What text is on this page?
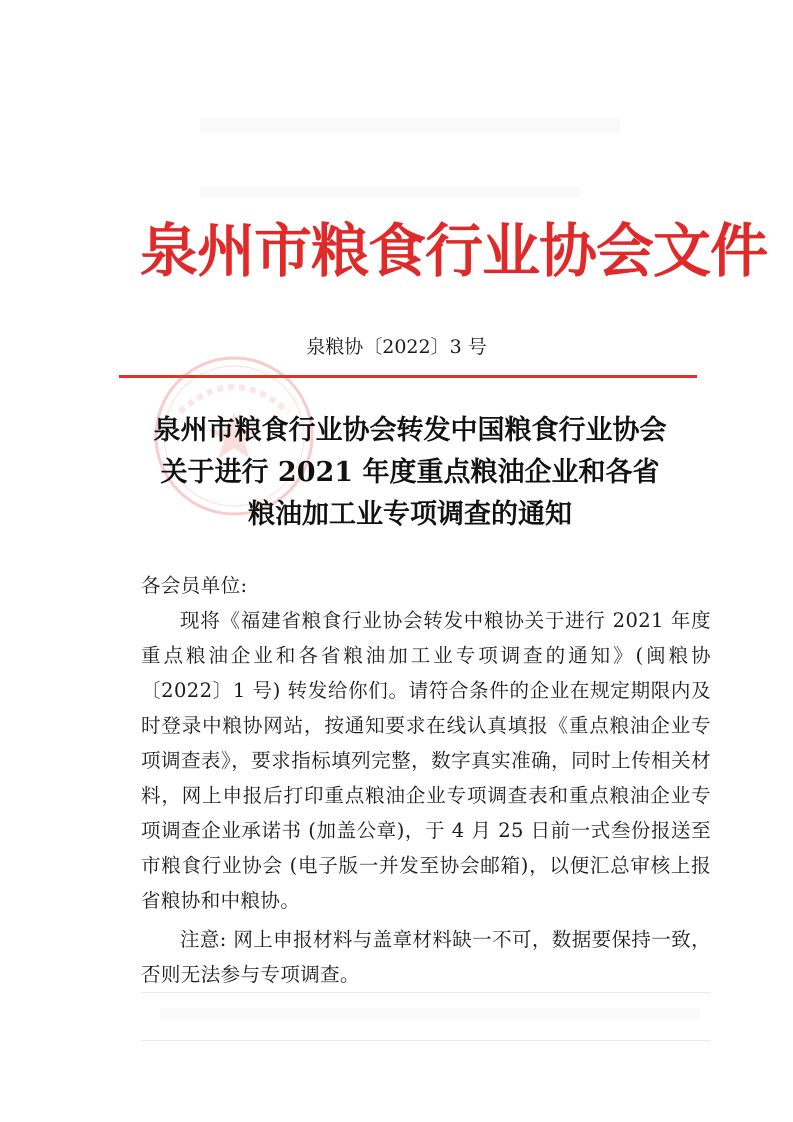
泉州市粮食行业协会文件
泉粮协〔2022〕3 号
泉州市粮食行业协会转发中国粮食行业协会
关于进行 2021 年度重点粮油企业和各省
粮油加工业专项调查的通知

各会员单位:

现将《福建省粮食行业协会转发中粮协关于进行 2021 年度重点粮油企业和各省粮油加工业专项调查的通知》(闽粮协〔2022〕1 号) 转发给你们。请符合条件的企业在规定期限内及时登录中粮协网站，按通知要求在线认真填报《重点粮油企业专项调查表》，要求指标填列完整，数字真实准确，同时上传相关材料，网上申报后打印重点粮油企业专项调查表和重点粮油企业专项调查企业承诺书 (加盖公章)，于 4 月 25 日前一式叁份报送至市粮食行业协会 (电子版一并发至协会邮箱)，以便汇总审核上报省粮协和中粮协。

注意: 网上申报材料与盖章材料缺一不可，数据要保持一致，否则无法参与专项调查。
